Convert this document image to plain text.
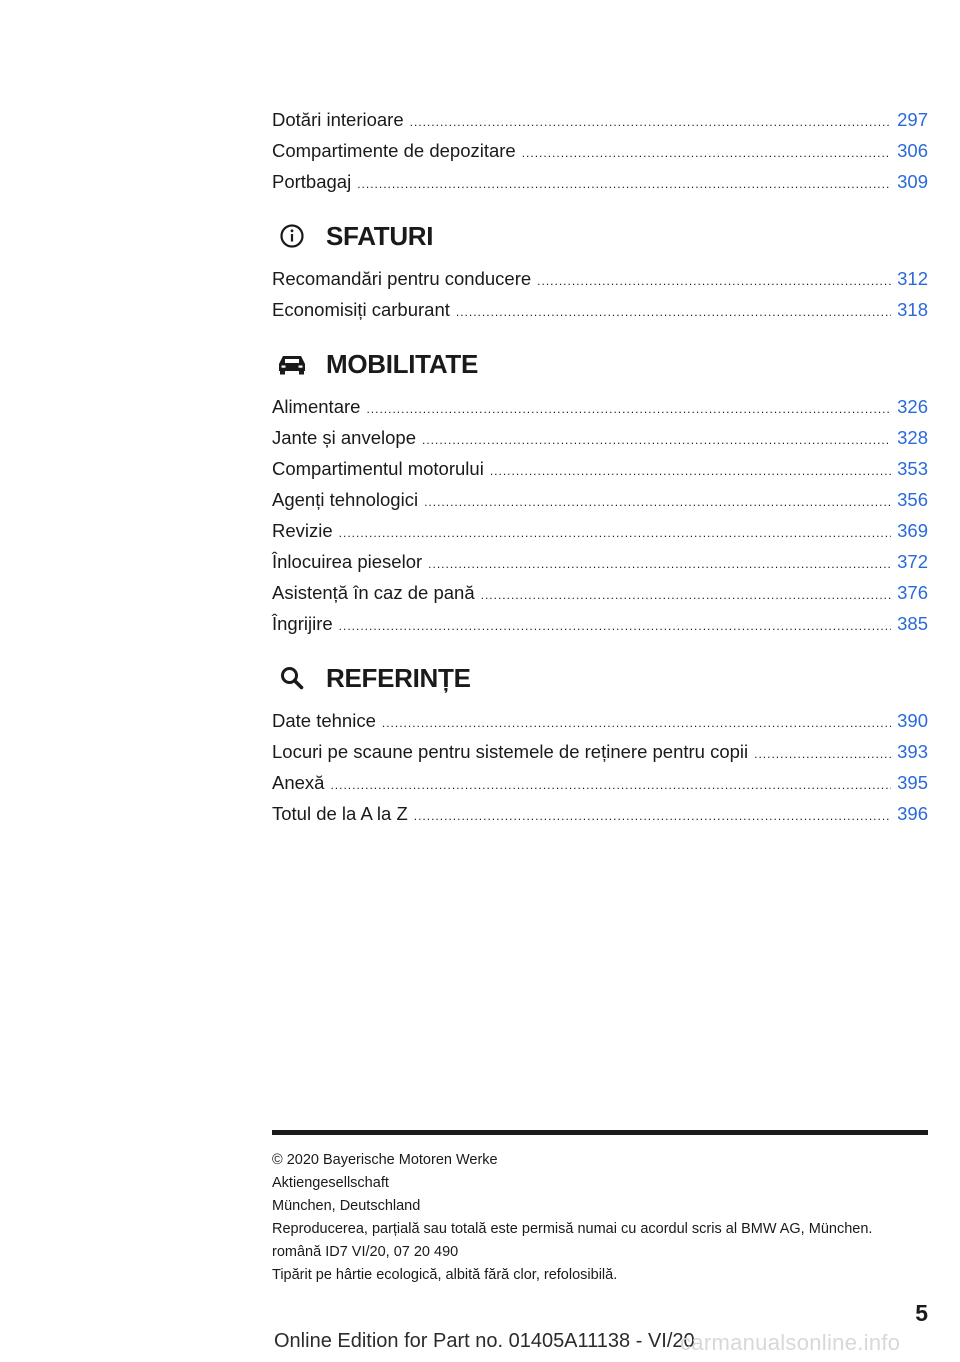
Dotări interioare .....	297
Compartimente de depozitare .....	306
Portbagaj .....	309
SFATURI
Recomandări pentru conducere .....	312
Economisiți carburant .....	318
MOBILITATE
Alimentare .....	326
Jante și anvelope .....	328
Compartimentul motorului .....	353
Agenți tehnologici .....	356
Revizie .....	369
Înlocuirea pieselor .....	372
Asistență în caz de pană .....	376
Îngrijire .....	385
REFERINȚE
Date tehnice .....	390
Locuri pe scaune pentru sistemele de reținere pentru copii .....	393
Anexă .....	395
Totul de la A la Z .....	396
© 2020 Bayerische Motoren Werke
Aktiengesellschaft
München, Deutschland
Reproducerea, parțială sau totală este permisă numai cu acordul scris al BMW AG, München.
română ID7 VI/20, 07 20 490
Tipărit pe hârtie ecologică, albită fără clor, refolosibilă.
5
Online Edition for Part no. 01405A11138 - VI/20
carmanualsonline.info
